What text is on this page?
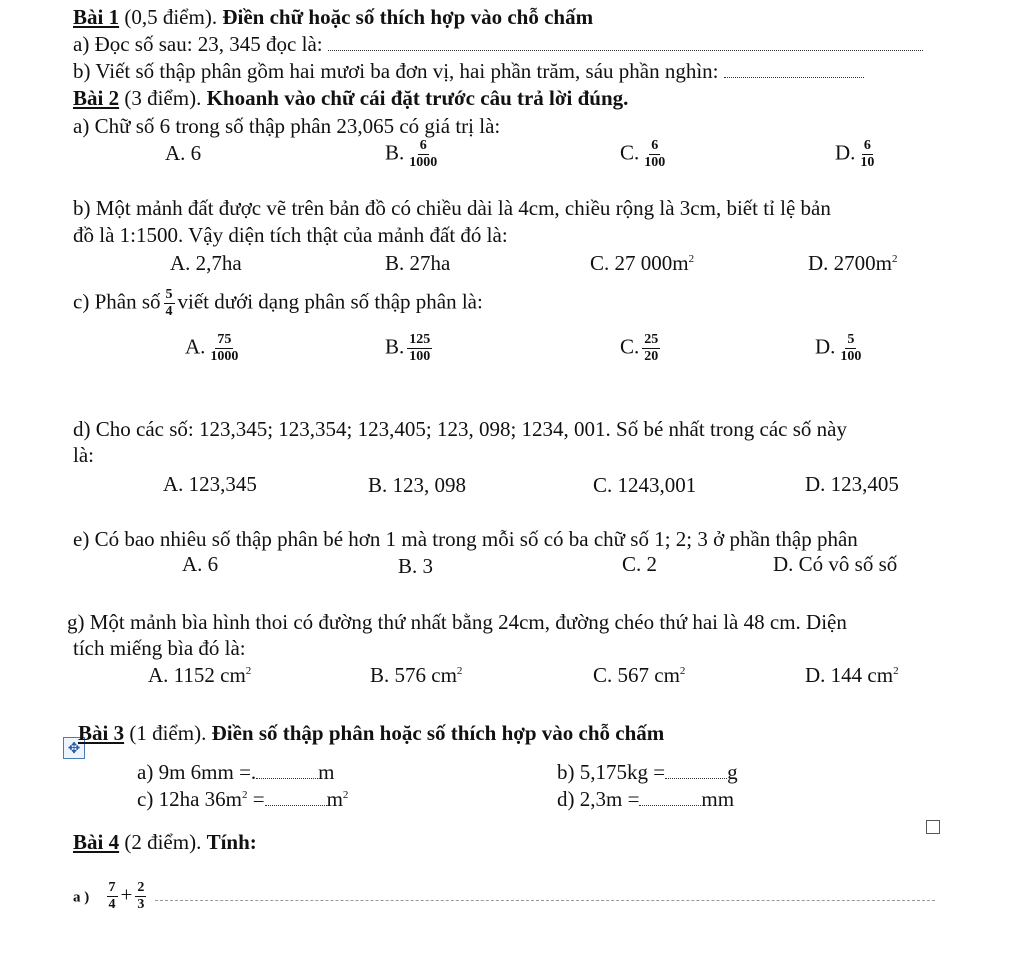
Bài 1 (0,5 điểm). Điền chữ hoặc số thích hợp vào chỗ chấm
a) Đọc số sau: 23, 345 đọc là:
b) Viết số thập phân gồm hai mươi ba đơn vị, hai phần trăm, sáu phần nghìn:
Bài 2 (3 điểm). Khoanh vào chữ cái đặt trước câu trả lời đúng.
a) Chữ số 6 trong số thập phân 23,065 có giá trị là:
A. 6	B. $\frac{6}{1000}$	C. $\frac{6}{100}$	D. $\frac{6}{10}$
b) Một mảnh đất được vẽ trên bản đồ có chiều dài là 4cm, chiều rộng là 3cm, biết tỉ lệ bản
đồ là 1:1500. Vậy diện tích thật của mảnh đất đó là:
A. 2,7ha	B. 27ha	C. 27 $000m^2$	D. $2700m^2$
c) Phân số $\frac{5}{4}$ viết dưới dạng phân số thập phân là:
A. $\frac{75}{1000}$	B. $\frac{125}{100}$	C. $\frac{25}{20}$	D. $\frac{5}{100}$
d) Cho các số: 123,345; 123,354; 123,405; 123, 098; 1234, 001. Số bé nhất trong các số này
là:
A. 123,345	B. 123, 098	C. 1243,001	D. 123,405
e) Có bao nhiêu số thập phân bé hơn 1 mà trong mỗi số có ba chữ số 1; 2; 3 ở phần thập phân
A. 6	B. 3	C. 2	D. Có vô số số
g) Một mảnh bìa hình thoi có đường thứ nhất bằng 24cm, đường chéo thứ hai là 48 cm. Diện
tích miếng bìa đó là:
A. 1152 $cm^2$	B. 576 $cm^2$	C. 567 $cm^2$	D. 144 $cm^2$
✥
Bài 3 (1 điểm). Điền số thập phân hoặc số thích hợp vào chỗ chấm
a) 9m 6mm =.	m	b) 5,175kg =	g
c) 12ha $36m^2$ =	$m^2$	d) 2,3m =	mm
Bài 4 (2 điểm). Tính:
a ) $\frac{7}{4} + \frac{2}{3}$
